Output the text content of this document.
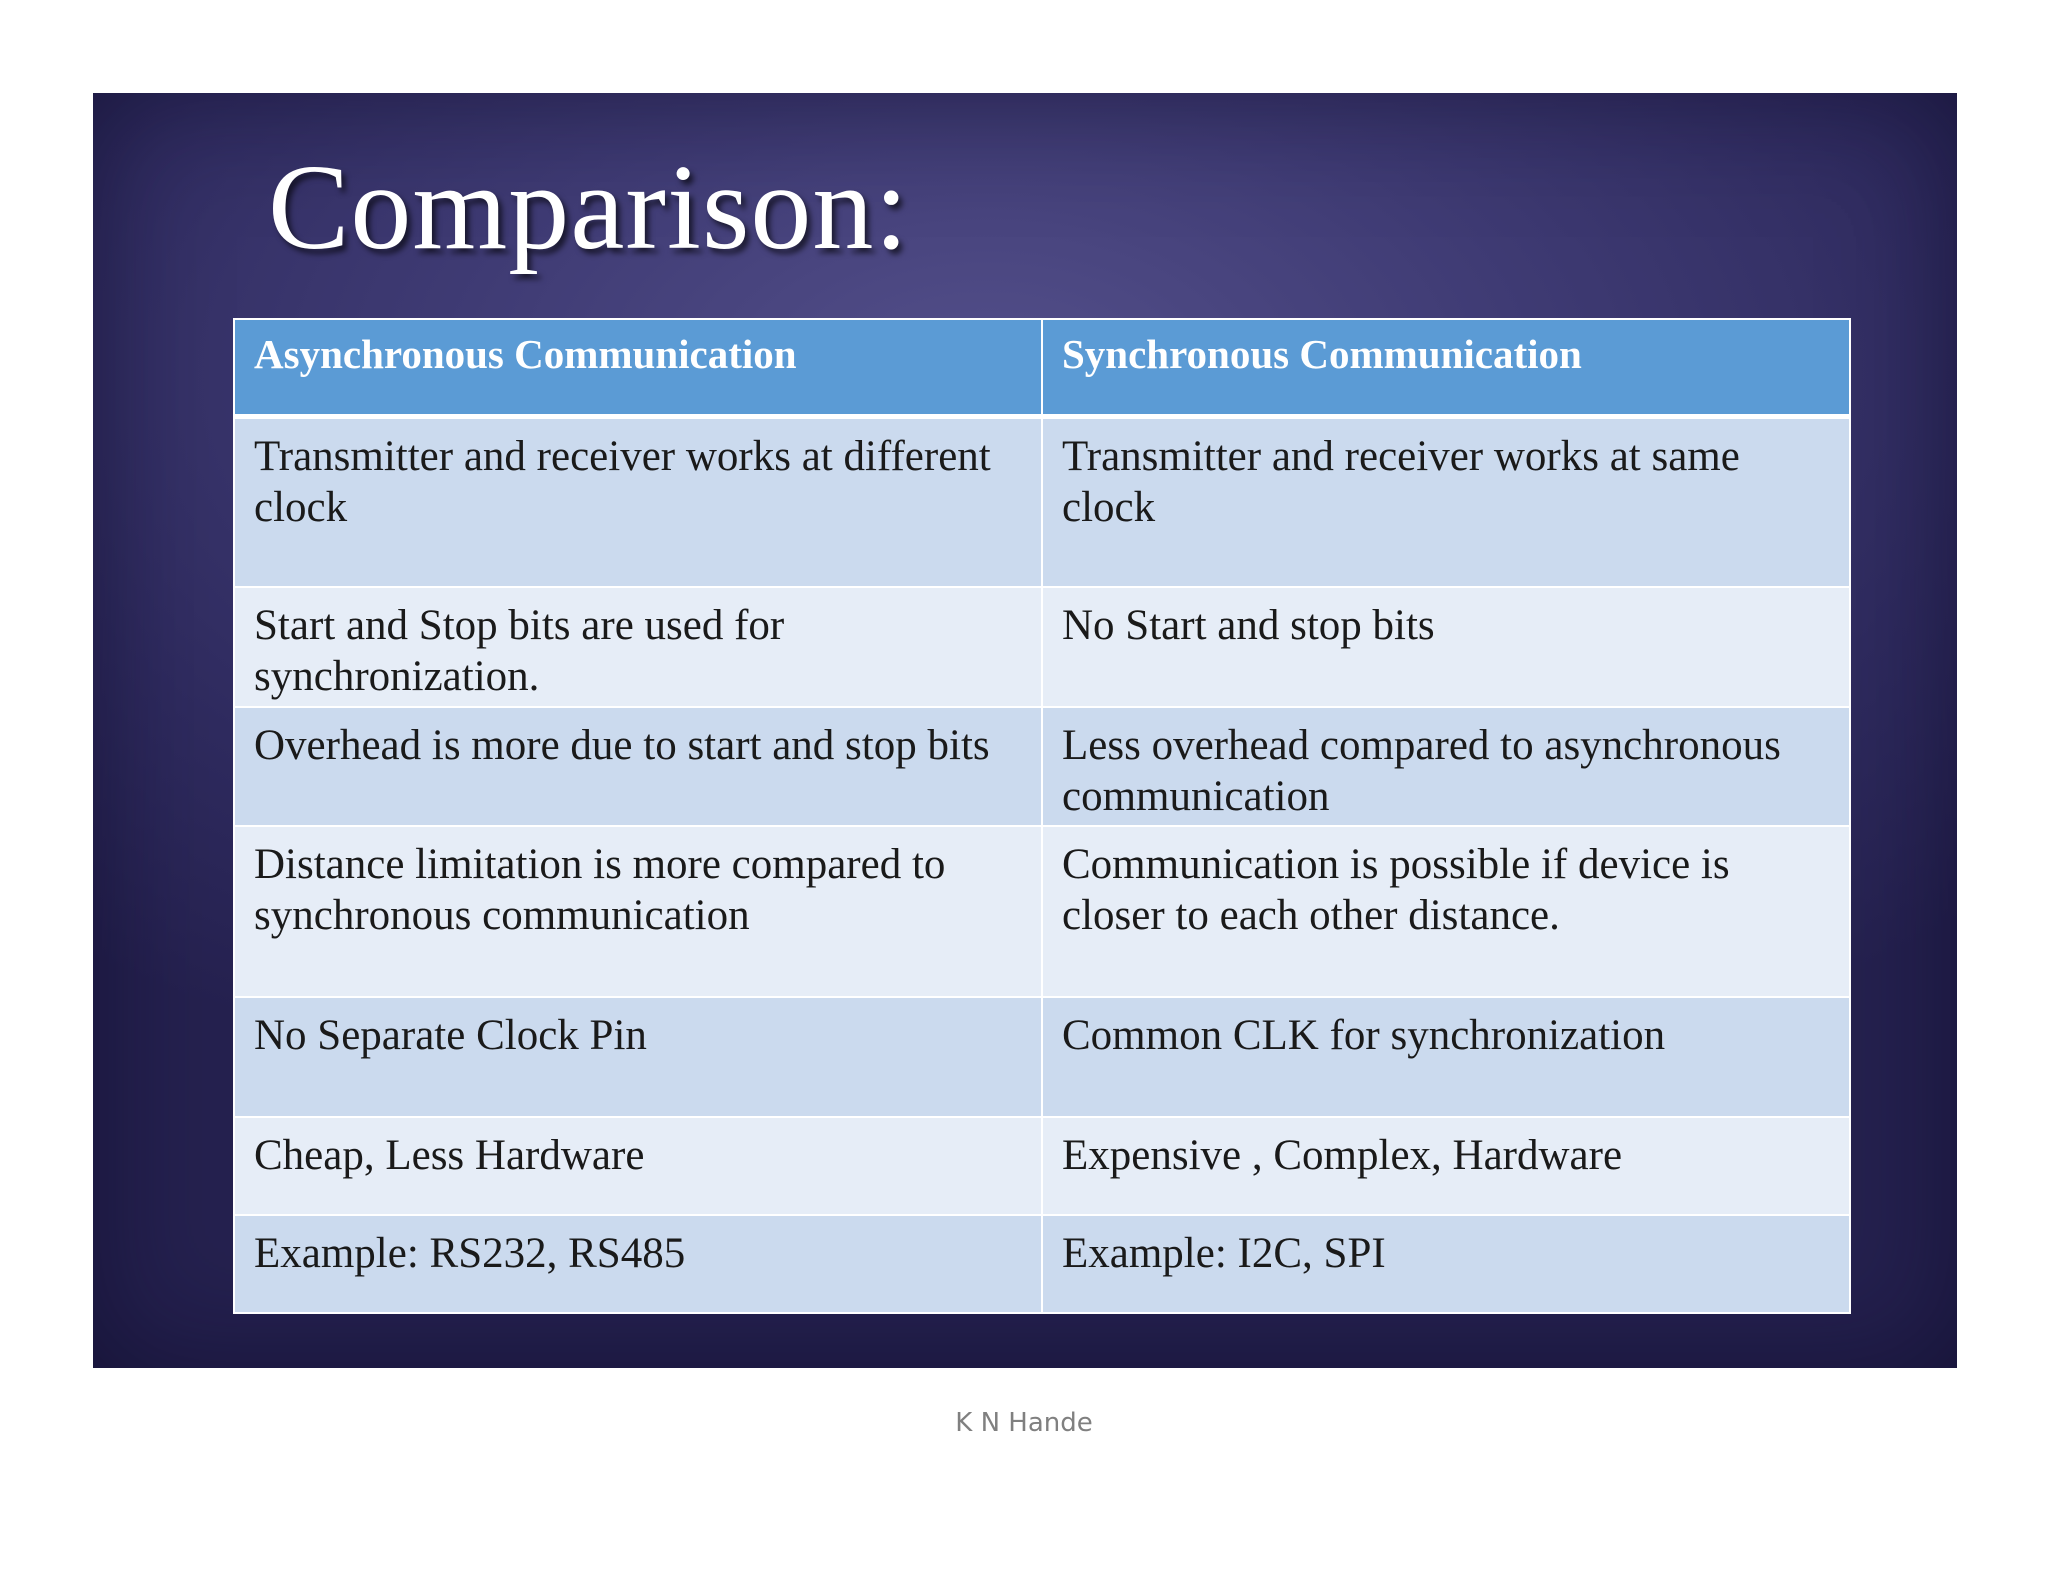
Comparison:
Asynchronous Communication	Synchronous Communication
Transmitter and receiver works at different clock	Transmitter and receiver works at same clock
Start and Stop bits are used for synchronization.	No Start and stop bits
Overhead is more due to start and stop bits	Less overhead compared to asynchronous communication
Distance limitation is more compared to synchronous communication	Communication is possible if device is closer to each other distance.
No Separate Clock Pin	Common CLK for synchronization
Cheap, Less Hardware	Expensive , Complex, Hardware
Example: RS232, RS485	Example: I2C, SPI
K N Hande
